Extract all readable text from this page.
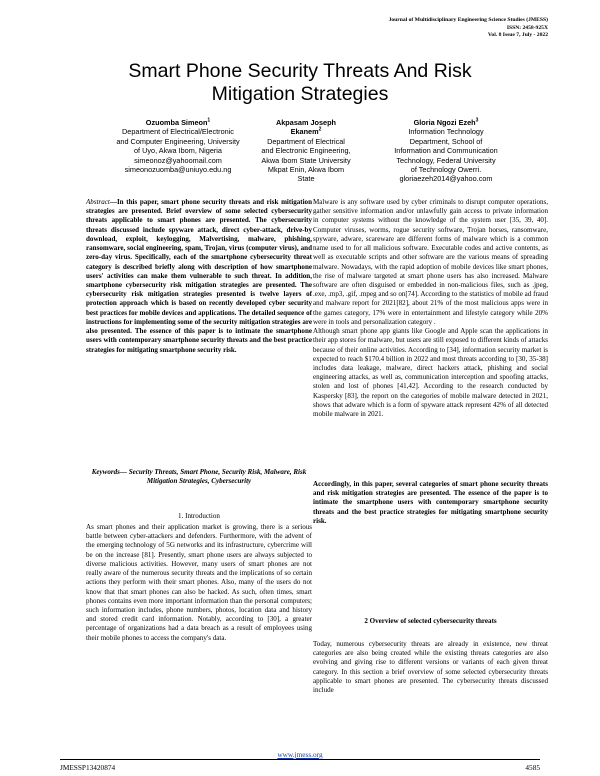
Journal of Multidisciplinary Engineering Science Studies (JMESS)
ISSN: 2458-925X
Vol. 8 Issue 7, July - 2022
Smart Phone Security Threats And Risk
Mitigation Strategies
Ozuomba Simeon$^1$
Department of Electrical/Electronic
and Computer Engineering, University
of Uyo, Akwa Ibom, Nigeria
simeonoz@yahoomail.com
simeonozuomba@uniuyo.edu.ng
Akpasam Joseph
Ekanem$^2$
Department of Electrical
and Electronic Engineering,
Akwa Ibom State University
Mkpat Enin, Akwa Ibom
State
Gloria Ngozi Ezeh$^3$
Information Technology
Department, School of
Information and Communication
Technology, Federal University
of Technology Owerri.
gloriaezeh2014@yahoo.com

Abstract—In this paper, smart phone security threats and risk mitigation strategies are presented. Brief overview of some selected cybersecurity threats applicable to smart phones are presented. The cybersecurity threats discussed include spyware attack, direct cyber-attack, drive-by download, exploit, keylogging, Malvertising, malware, phishing, ransomware, social engineering, spam, Trojan, virus (computer virus), and zero-day virus. Specifically, each of the smartphone cybersecurity threat category is described briefly along with description of how smartphone users' activities can make them vulnerable to such threat. In addition, smartphone cybersecurity risk mitigation strategies are presented. The cybersecurity risk mitigation strategies presented is twelve layers of protection approach which is based on recently developed cyber security best practices for mobile devices and applications. The detailed sequence of instructions for implementing some of the security mitigation strategies are also presented. The essence of this paper is to intimate the smartphone users with contemporary smartphone security threats and the best practice strategies for mitigating smartphone security risk.

Keywords— Security Threats, Smart Phone, Security Risk, Malware, Risk Mitigation Strategies, Cybersecurity
1. Introduction
As smart phones and their application market is growing, there is a serious battle between cyber-attackers and defenders. Furthermore, with the advent of the emerging technology of 5G networks and its infrastructure, cybercrime will be on the increase [81]. Presently, smart phone users are always subjected to diverse malicious activities. However, many users of smart phones are not really aware of the numerous security threats and the implications of so certain actions they perform with their smart phones. Also, many of the users do not know that that smart phones can also be hacked. As such, often times, smart phones contains even more important information than the personal computers; such information includes, phone numbers, photos, location data and history and stored credit card information. Notably, according to [30], a greater percentage of organizations had a data breach as a result of employees using their mobile phones to access the company's data.

Malware is any software used by cyber criminals to disrupt computer operations, gather sensitive information and/or unlawfully gain access to private information in computer systems without the knowledge of the system user [35, 39, 40]. Computer viruses, worms, rogue security software, Trojan horses, ransomware, spyware, adware, scareware are different forms of malware which is a common name used to for all malicious software. Executable codes and active contents, as well as executable scripts and other software are the various means of spreading malware. Nowadays, with the rapid adoption of mobile devices like smart phones, the rise of malware targeted at smart phone users has also increased. Malware software are often disguised or embedded in non-malicious files, such as .jpeg, .exe, .mp3, .gif, .mpeg and so on[74]. According to the statistics of mobile ad fraud and malware report for 2021[82], about 21% of the most malicious apps were in the games category, 17% were in entertainment and lifestyle category while 20% were in tools and personalization category .

Although smart phone app giants like Google and Apple scan the applications in their app stores for malware, but users are still exposed to different kinds of attacks because of their online activities. According to [34], information security market is expected to reach $170.4 billion in 2022 and most threats according to [30, 35-38] includes data leakage, malware, direct hackers attack, phishing and social engineering attacks, as well as, communication interception and spoofing attacks, stolen and lost of phones [41,42]. According to the research conducted by Kaspersky [83], the report on the categories of mobile malware detected in 2021, shows that adware which is a form of spyware attack represent 42% of all detected mobile malware in 2021.

Accordingly, in this paper, several categories of smart phone security threats and risk mitigation strategies are presented. The essence of the paper is to intimate the smartphone users with contemporary smartphone security threats and the best practice strategies for mitigating smartphone security risk.
2 Overview of selected cybersecurity threats
Today, numerous cybersecurity threats are already in existence, new threat categories are also being created while the existing threats categories are also evolving and giving rise to different versions or variants of each given threat category. In this section a brief overview of some selected cybersecurity threats applicable to smart phones are presented. The cybersecurity threats discussed include
www.jmess.org
JMESSP13420874	4585
